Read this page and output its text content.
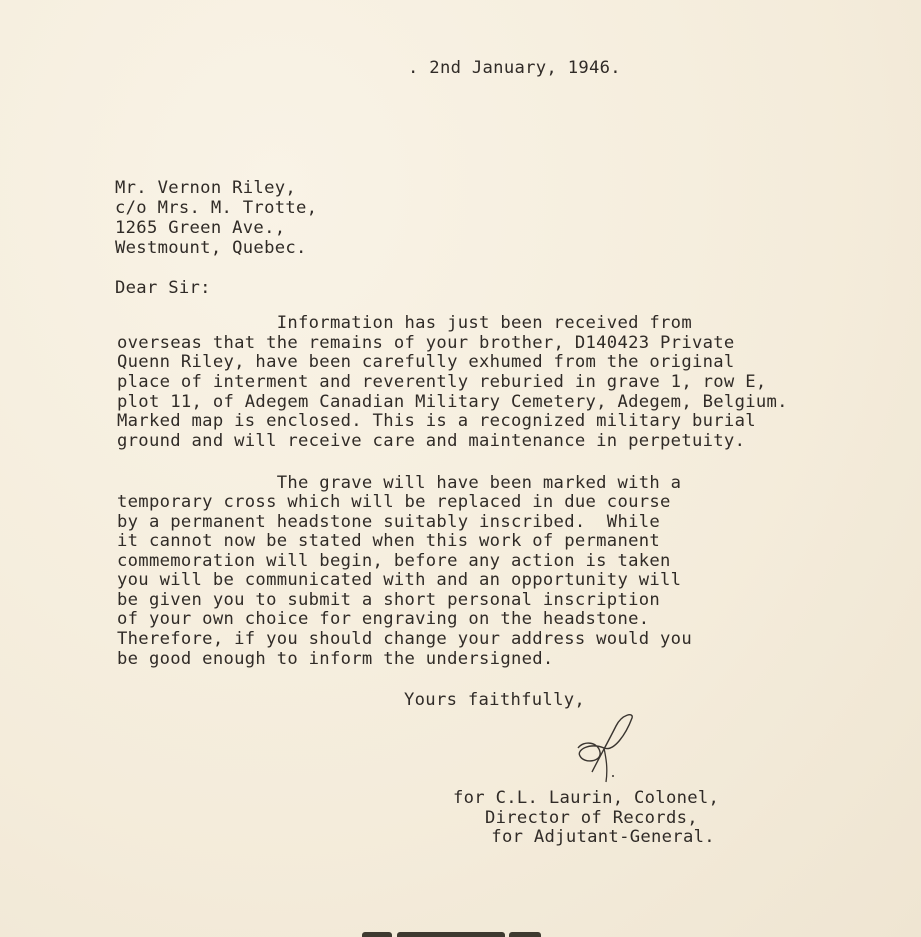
. 2nd January, 1946.
Mr. Vernon Riley,
c/o Mrs. M. Trotte,
1265 Green Ave.,
Westmount, Quebec.
Dear Sir:
Information has just been received from
overseas that the remains of your brother, D140423 Private
Quenn Riley, have been carefully exhumed from the original
place of interment and reverently reburied in grave 1, row E,
plot 11, of Adegem Canadian Military Cemetery, Adegem, Belgium.
Marked map is enclosed. This is a recognized military burial
ground and will receive care and maintenance in perpetuity.
The grave will have been marked with a
temporary cross which will be replaced in due course
by a permanent headstone suitably inscribed.  While
it cannot now be stated when this work of permanent
commemoration will begin, before any action is taken
you will be communicated with and an opportunity will
be given you to submit a short personal inscription
of your own choice for engraving on the headstone.
Therefore, if you should change your address would you
be good enough to inform the undersigned.
Yours faithfully,
for C.L. Laurin, Colonel,
Director of Records,
for Adjutant-General.
